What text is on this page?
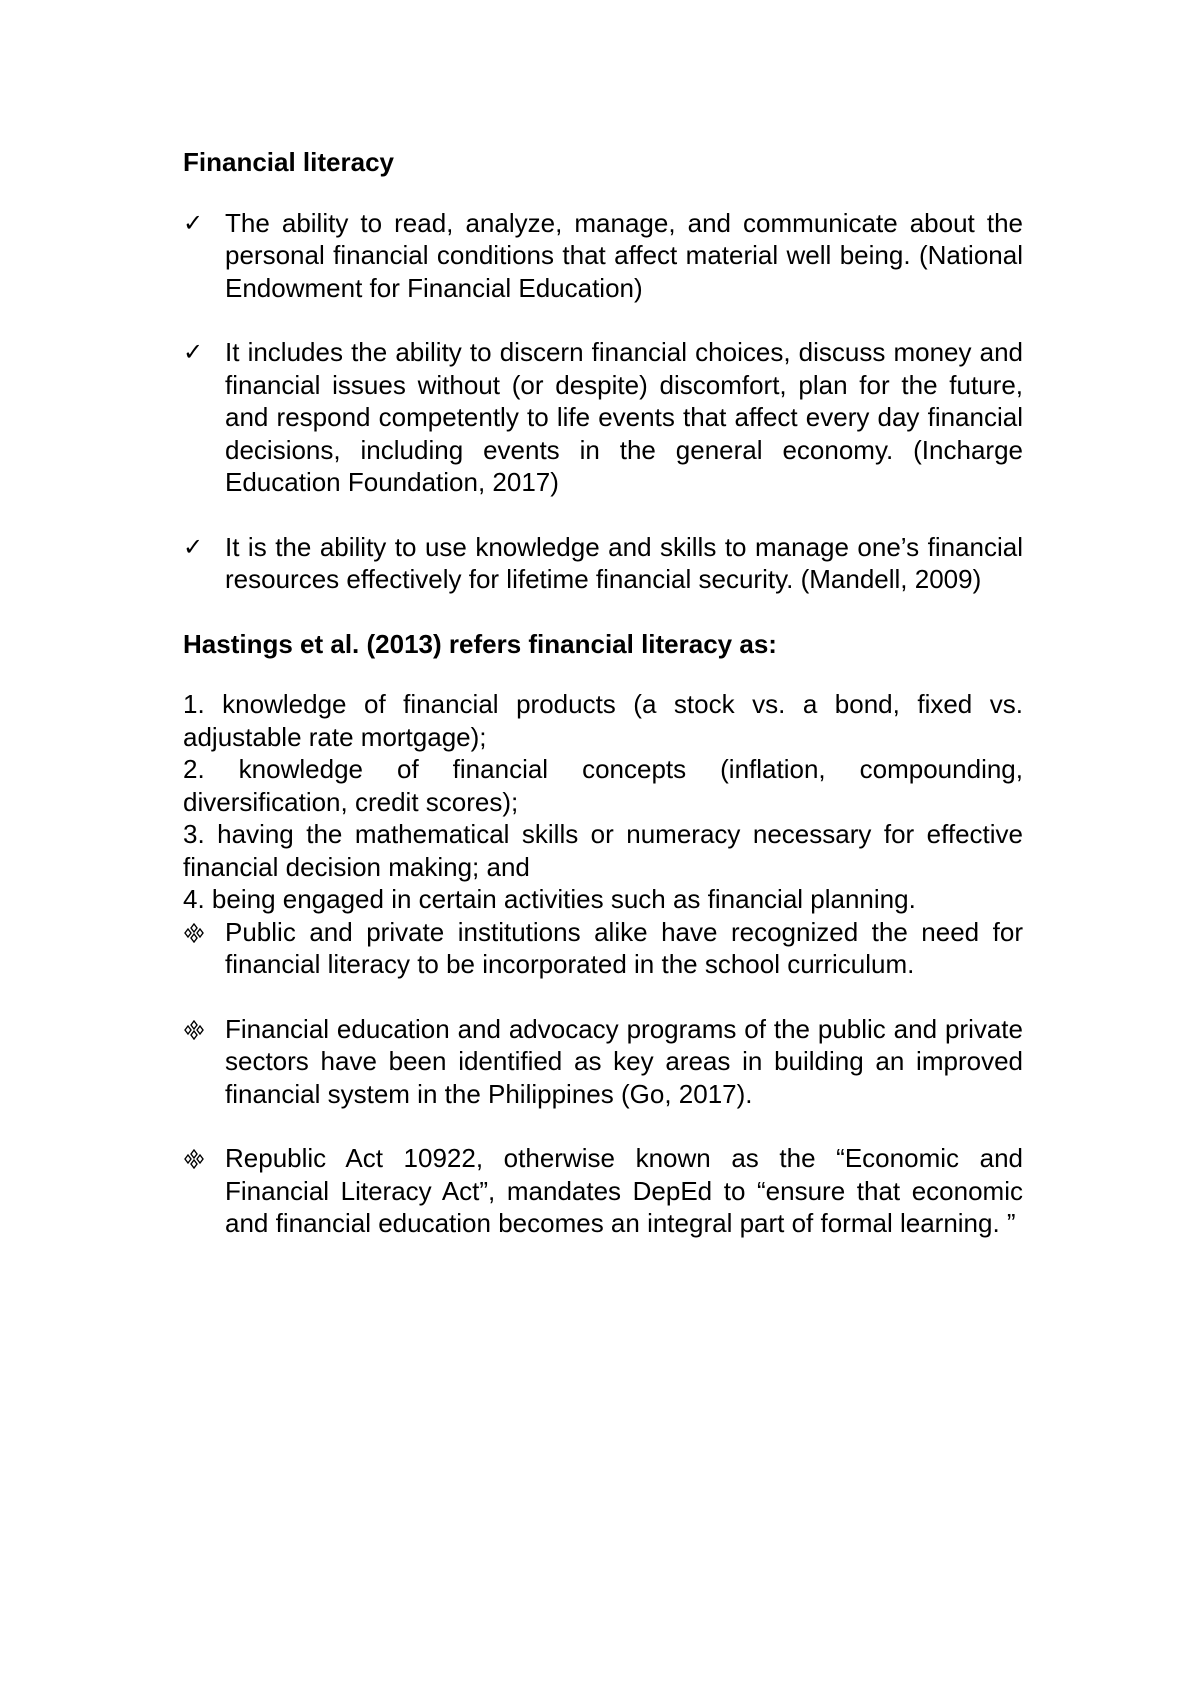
Financial literacy

✓ The ability to read, analyze, manage, and communicate about the personal financial conditions that affect material well being. (National Endowment for Financial Education)
✓ It includes the ability to discern financial choices, discuss money and financial issues without (or despite) discomfort, plan for the future, and respond competently to life events that affect every day financial decisions, including events in the general economy. (Incharge Education Foundation, 2017)
✓ It is the ability to use knowledge and skills to manage one’s financial resources effectively for lifetime financial security. (Mandell, 2009)

Hastings et al. (2013) refers financial literacy as:

1. knowledge of financial products (a stock vs. a bond, fixed vs. adjustable rate mortgage);
2. knowledge of financial concepts (inflation, compounding, diversification, credit scores);
3. having the mathematical skills or numeracy necessary for effective financial decision making; and
4. being engaged in certain activities such as financial planning.
Public and private institutions alike have recognized the need for financial literacy to be incorporated in the school curriculum.
Financial education and advocacy programs of the public and private sectors have been identified as key areas in building an improved financial system in the Philippines (Go, 2017).
Republic Act 10922, otherwise known as the “Economic and Financial Literacy Act”, mandates DepEd to “ensure that economic and financial education becomes an integral part of formal learning. ”
